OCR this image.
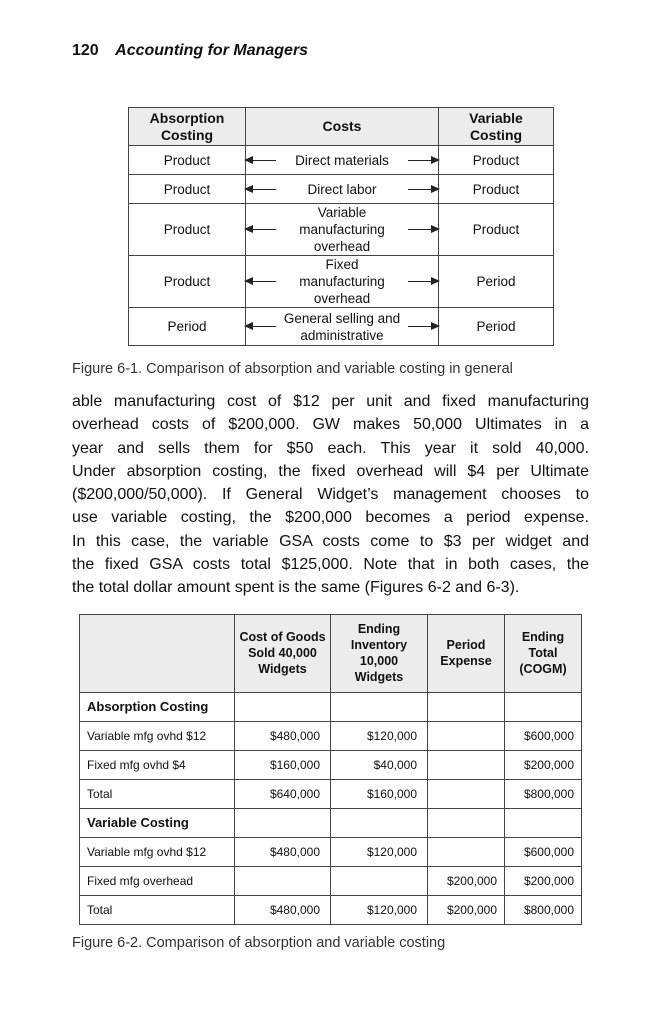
120 Accounting for Managers
Absorption Costing	Costs	Variable Costing
Product	Direct materials	Product
Product	Direct labor	Product
Product	Variable manufacturing overhead	Product
Product	Fixed manufacturing overhead	Period
Period	General selling and administrative	Period
Figure 6-1. Comparison of absorption and variable costing in general
able manufacturing cost of $12 per unit and fixed manufacturing
overhead costs of $200,000. GW makes 50,000 Ultimates in a
year and sells them for $50 each. This year it sold 40,000.
Under absorption costing, the fixed overhead will $4 per Ultimate
($200,000/50,000). If General Widget’s management chooses to
use variable costing, the $200,000 becomes a period expense.
In this case, the variable GSA costs come to $3 per widget and
the fixed GSA costs total $125,000. Note that in both cases, the
the total dollar amount spent is the same (Figures 6-2 and 6-3).
	Cost of Goods Sold 40,000 Widgets	Ending Inventory 10,000 Widgets	Period Expense	Ending Total (COGM)
Absorption Costing				
Variable mfg ovhd $12	$480,000	$120,000		$600,000
Fixed mfg ovhd $4	$160,000	$40,000		$200,000
Total	$640,000	$160,000		$800,000
Variable Costing				
Variable mfg ovhd $12	$480,000	$120,000		$600,000
Fixed mfg overhead			$200,000	$200,000
Total	$480,000	$120,000	$200,000	$800,000
Figure 6-2. Comparison of absorption and variable costing
